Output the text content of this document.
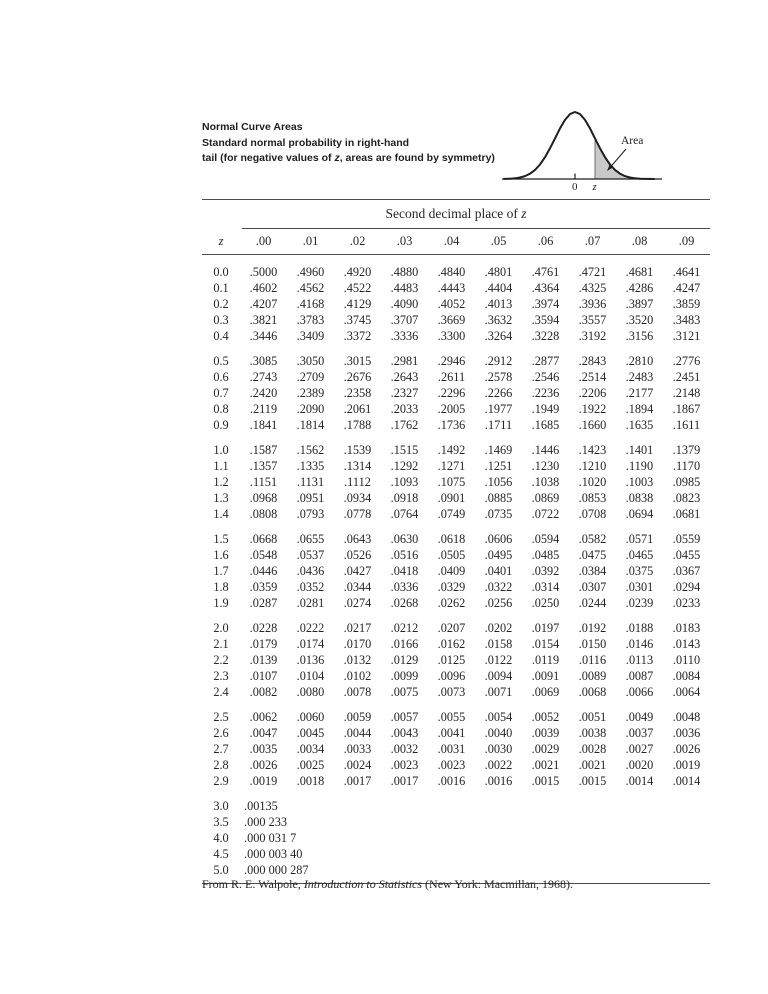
Normal Curve Areas
Standard normal probability in right-hand
tail (for negative values of z, areas are found by symmetry)
Area
0 z
Second decimal place of z
z	.00	.01	.02	.03	.04	.05	.06	.07	.08	.09
0.0	.5000	.4960	.4920	.4880	.4840	.4801	.4761	.4721	.4681	.4641
0.1	.4602	.4562	.4522	.4483	.4443	.4404	.4364	.4325	.4286	.4247
0.2	.4207	.4168	.4129	.4090	.4052	.4013	.3974	.3936	.3897	.3859
0.3	.3821	.3783	.3745	.3707	.3669	.3632	.3594	.3557	.3520	.3483
0.4	.3446	.3409	.3372	.3336	.3300	.3264	.3228	.3192	.3156	.3121
0.5	.3085	.3050	.3015	.2981	.2946	.2912	.2877	.2843	.2810	.2776
0.6	.2743	.2709	.2676	.2643	.2611	.2578	.2546	.2514	.2483	.2451
0.7	.2420	.2389	.2358	.2327	.2296	.2266	.2236	.2206	.2177	.2148
0.8	.2119	.2090	.2061	.2033	.2005	.1977	.1949	.1922	.1894	.1867
0.9	.1841	.1814	.1788	.1762	.1736	.1711	.1685	.1660	.1635	.1611
1.0	.1587	.1562	.1539	.1515	.1492	.1469	.1446	.1423	.1401	.1379
1.1	.1357	.1335	.1314	.1292	.1271	.1251	.1230	.1210	.1190	.1170
1.2	.1151	.1131	.1112	.1093	.1075	.1056	.1038	.1020	.1003	.0985
1.3	.0968	.0951	.0934	.0918	.0901	.0885	.0869	.0853	.0838	.0823
1.4	.0808	.0793	.0778	.0764	.0749	.0735	.0722	.0708	.0694	.0681
1.5	.0668	.0655	.0643	.0630	.0618	.0606	.0594	.0582	.0571	.0559
1.6	.0548	.0537	.0526	.0516	.0505	.0495	.0485	.0475	.0465	.0455
1.7	.0446	.0436	.0427	.0418	.0409	.0401	.0392	.0384	.0375	.0367
1.8	.0359	.0352	.0344	.0336	.0329	.0322	.0314	.0307	.0301	.0294
1.9	.0287	.0281	.0274	.0268	.0262	.0256	.0250	.0244	.0239	.0233
2.0	.0228	.0222	.0217	.0212	.0207	.0202	.0197	.0192	.0188	.0183
2.1	.0179	.0174	.0170	.0166	.0162	.0158	.0154	.0150	.0146	.0143
2.2	.0139	.0136	.0132	.0129	.0125	.0122	.0119	.0116	.0113	.0110
2.3	.0107	.0104	.0102	.0099	.0096	.0094	.0091	.0089	.0087	.0084
2.4	.0082	.0080	.0078	.0075	.0073	.0071	.0069	.0068	.0066	.0064
2.5	.0062	.0060	.0059	.0057	.0055	.0054	.0052	.0051	.0049	.0048
2.6	.0047	.0045	.0044	.0043	.0041	.0040	.0039	.0038	.0037	.0036
2.7	.0035	.0034	.0033	.0032	.0031	.0030	.0029	.0028	.0027	.0026
2.8	.0026	.0025	.0024	.0023	.0023	.0022	.0021	.0021	.0020	.0019
2.9	.0019	.0018	.0017	.0017	.0016	.0016	.0015	.0015	.0014	.0014
3.0	.00135
3.5	.000 233
4.0	.000 031 7
4.5	.000 003 40
5.0	.000 000 287
From R. E. Walpole, Introduction to Statistics (New York: Macmillan, 1968).
